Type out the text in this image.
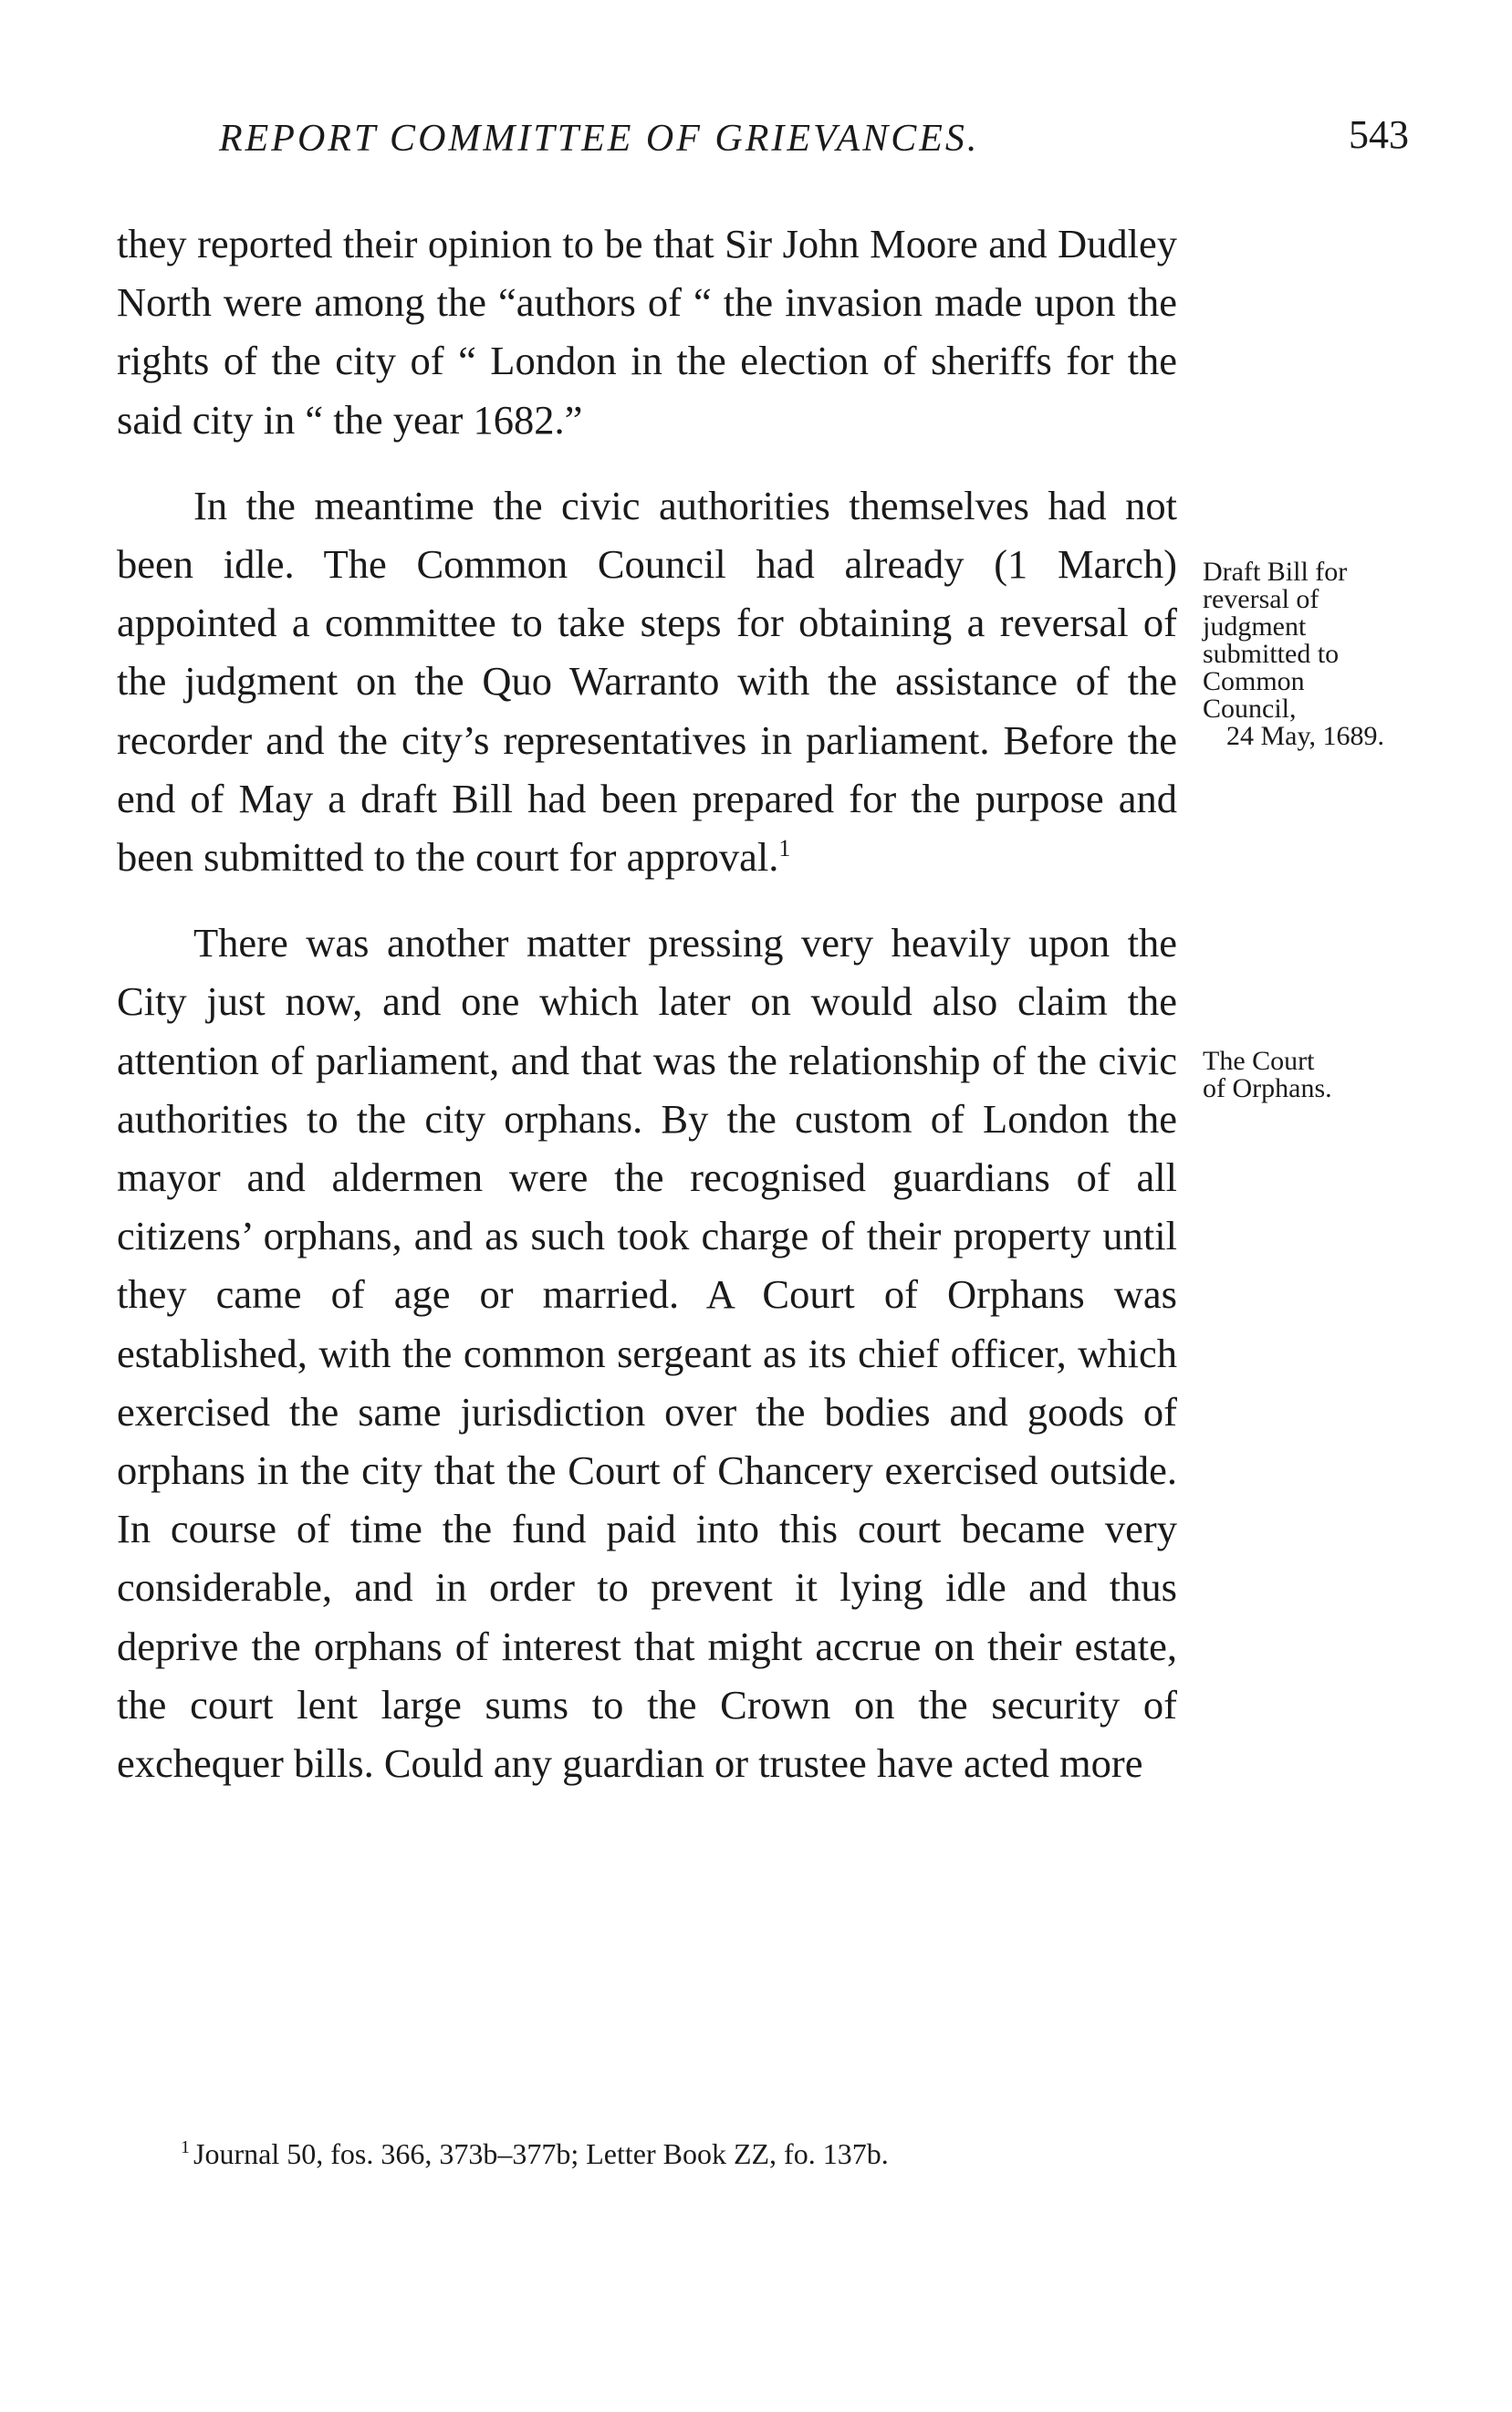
REPORT COMMITTEE OF GRIEVANCES.	543

they reported their opinion to be that Sir John Moore and Dudley North were among the “authors of “ the invasion made upon the rights of the city of “ London in the election of sheriffs for the said city in “ the year 1682.”

In the meantime the civic authorities themselves had not been idle. The Common Council had already (1 March) appointed a committee to take steps for obtaining a reversal of the judgment on the Quo Warranto with the assistance of the recorder and the city’s representatives in parliament. Before the end of May a draft Bill had been prepared for the purpose and been submitted to the court for approval.$^1$

There was another matter pressing very heavily upon the City just now, and one which later on would also claim the attention of parliament, and that was the relationship of the civic authorities to the city orphans. By the custom of London the mayor and aldermen were the recognised guardians of all citizens’ orphans, and as such took charge of their property until they came of age or married. A Court of Orphans was established, with the common sergeant as its chief officer, which exercised the same jurisdiction over the bodies and goods of orphans in the city that the Court of Chancery exercised outside. In course of time the fund paid into this court became very considerable, and in order to prevent it lying idle and thus deprive the orphans of interest that might accrue on their estate, the court lent large sums to the Crown on the security of exchequer bills. Could any guardian or trustee have acted more

Draft Bill for
reversal of
judgment
submitted to
Common
Council,
24 May, 1689.
The Court
of Orphans.
$^1$ Journal 50, fos. 366, 373b–377b; Letter Book ZZ, fo. 137b.
